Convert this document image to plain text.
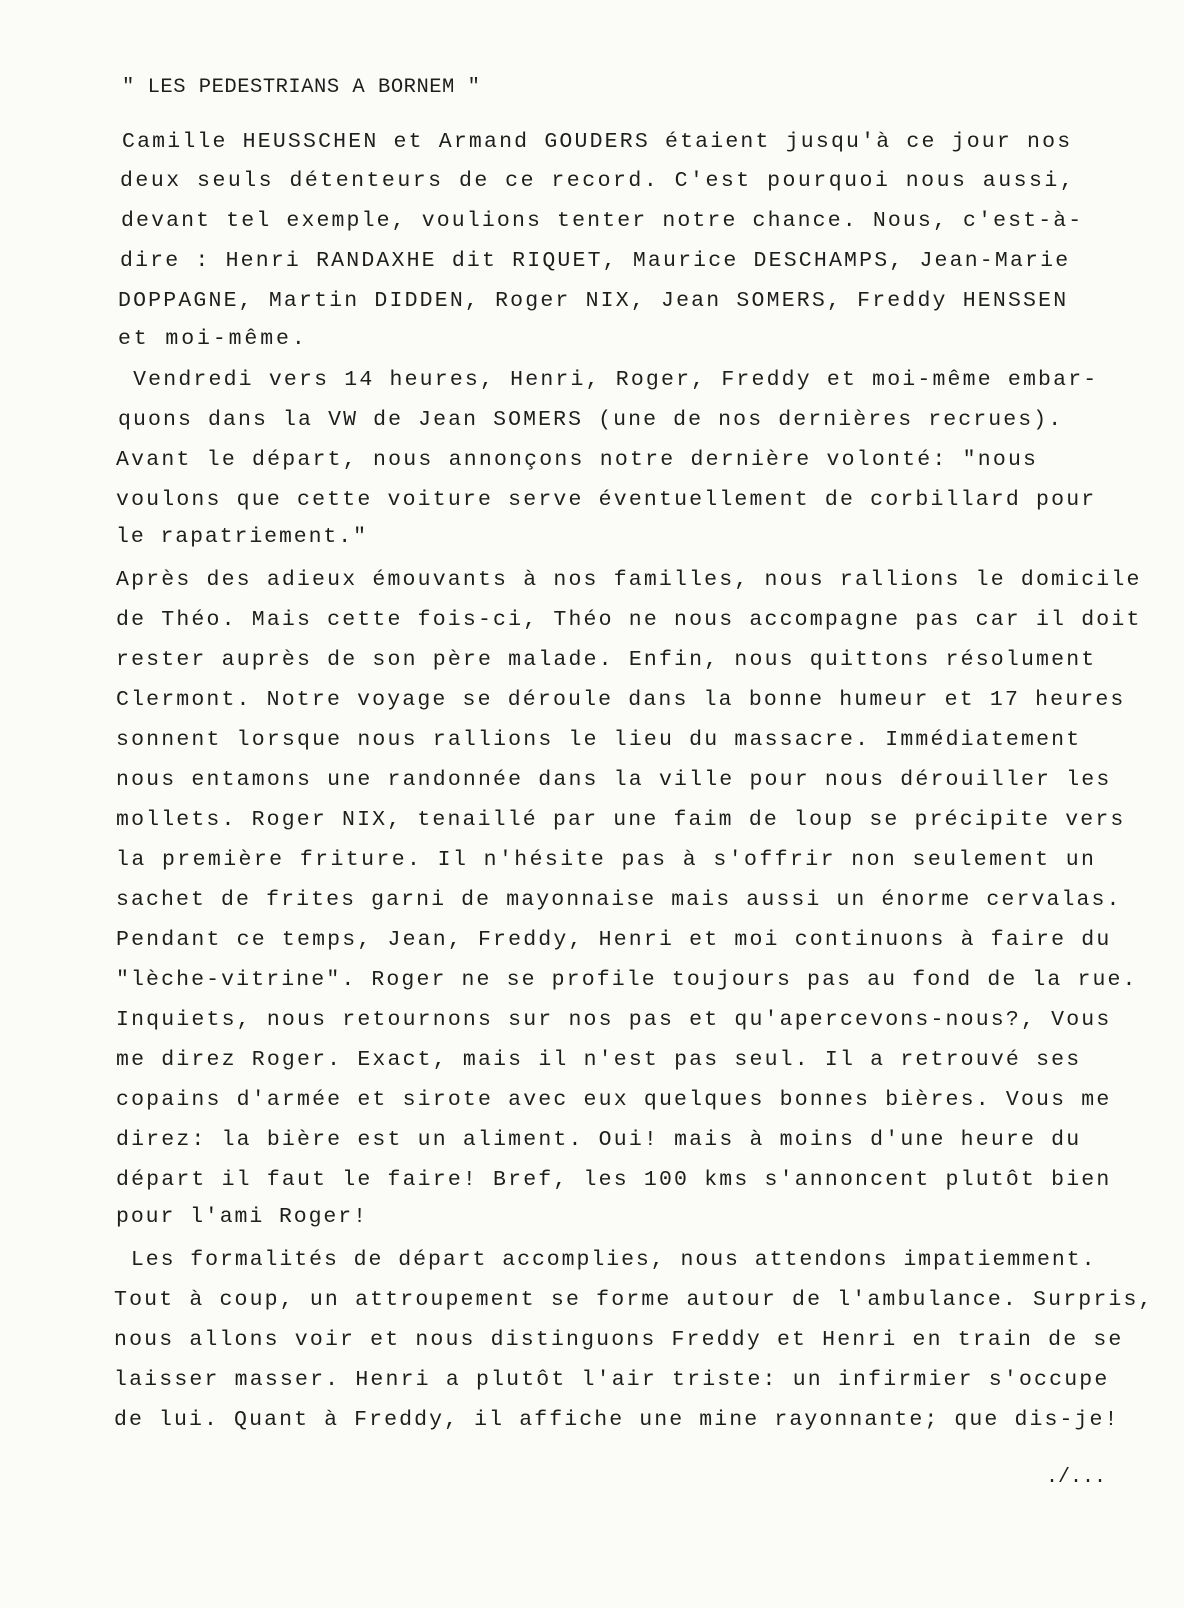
" LES PEDESTRIANS A BORNEM "
Camille HEUSSCHEN et Armand GOUDERS étaient jusqu'à ce jour nos
deux seuls détenteurs de ce record. C'est pourquoi nous aussi,
devant tel exemple, voulions tenter notre chance. Nous, c'est-à-
dire : Henri RANDAXHE dit RIQUET, Maurice DESCHAMPS, Jean-Marie
DOPPAGNE, Martin DIDDEN, Roger NIX, Jean SOMERS, Freddy HENSSEN
et moi-même.
Vendredi vers 14 heures, Henri, Roger, Freddy et moi-même embar-
quons dans la VW de Jean SOMERS (une de nos dernières recrues).
Avant le départ, nous annonçons notre dernière volonté: "nous
voulons que cette voiture serve éventuellement de corbillard pour
le rapatriement."
Après des adieux émouvants à nos familles, nous rallions le domicile
de Théo. Mais cette fois-ci, Théo ne nous accompagne pas car il doit
rester auprès de son père malade. Enfin, nous quittons résolument
Clermont. Notre voyage se déroule dans la bonne humeur et 17 heures
sonnent lorsque nous rallions le lieu du massacre. Immédiatement
nous entamons une randonnée dans la ville pour nous dérouiller les
mollets. Roger NIX, tenaillé par une faim de loup se précipite vers
la première friture. Il n'hésite pas à s'offrir non seulement un
sachet de frites garni de mayonnaise mais aussi un énorme cervalas.
Pendant ce temps, Jean, Freddy, Henri et moi continuons à faire du
"lèche-vitrine". Roger ne se profile toujours pas au fond de la rue.
Inquiets, nous retournons sur nos pas et qu'apercevons-nous?, Vous
me direz Roger. Exact, mais il n'est pas seul. Il a retrouvé ses
copains d'armée et sirote avec eux quelques bonnes bières. Vous me
direz: la bière est un aliment. Oui! mais à moins d'une heure du
départ il faut le faire! Bref, les 100 kms s'annoncent plutôt bien
pour l'ami Roger!
Les formalités de départ accomplies, nous attendons impatiemment.
Tout à coup, un attroupement se forme autour de l'ambulance. Surpris,
nous allons voir et nous distinguons Freddy et Henri en train de se
laisser masser. Henri a plutôt l'air triste: un infirmier s'occupe
de lui. Quant à Freddy, il affiche une mine rayonnante; que dis-je!
./...
